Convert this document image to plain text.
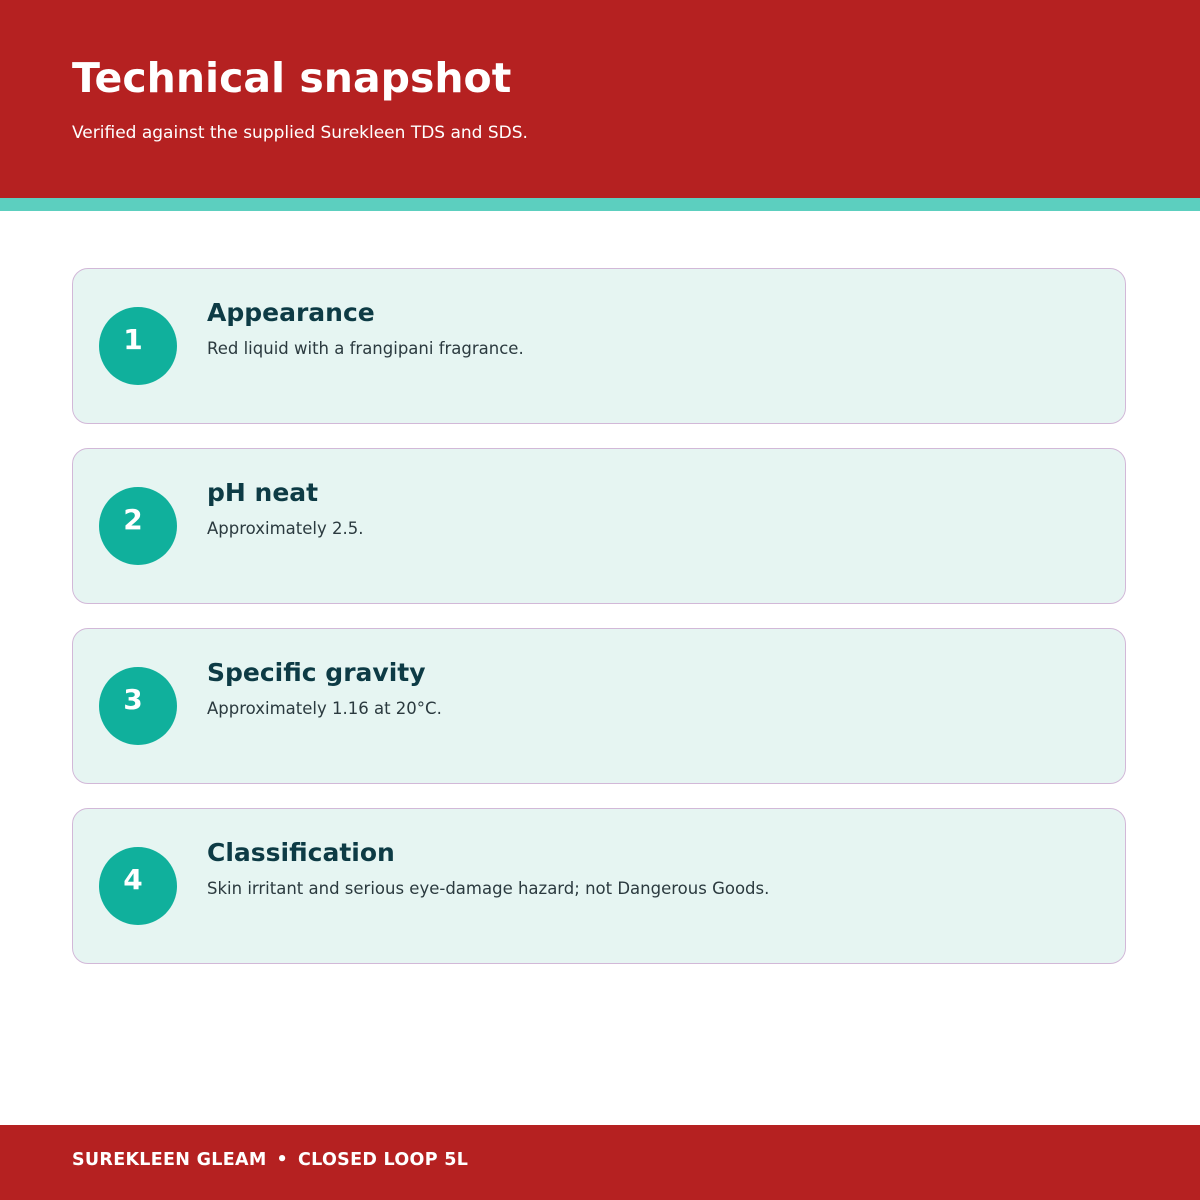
Technical snapshot

Verified against the supplied Surekleen TDS and SDS.

1
Appearance

Red liquid with a frangipani fragrance.

2
pH neat

Approximately 2.5.

3
Specific gravity

Approximately 1.16 at 20°C.

4
Classification

Skin irritant and serious eye-damage hazard; not Dangerous Goods.

SUREKLEEN GLEAM • CLOSED LOOP 5L
